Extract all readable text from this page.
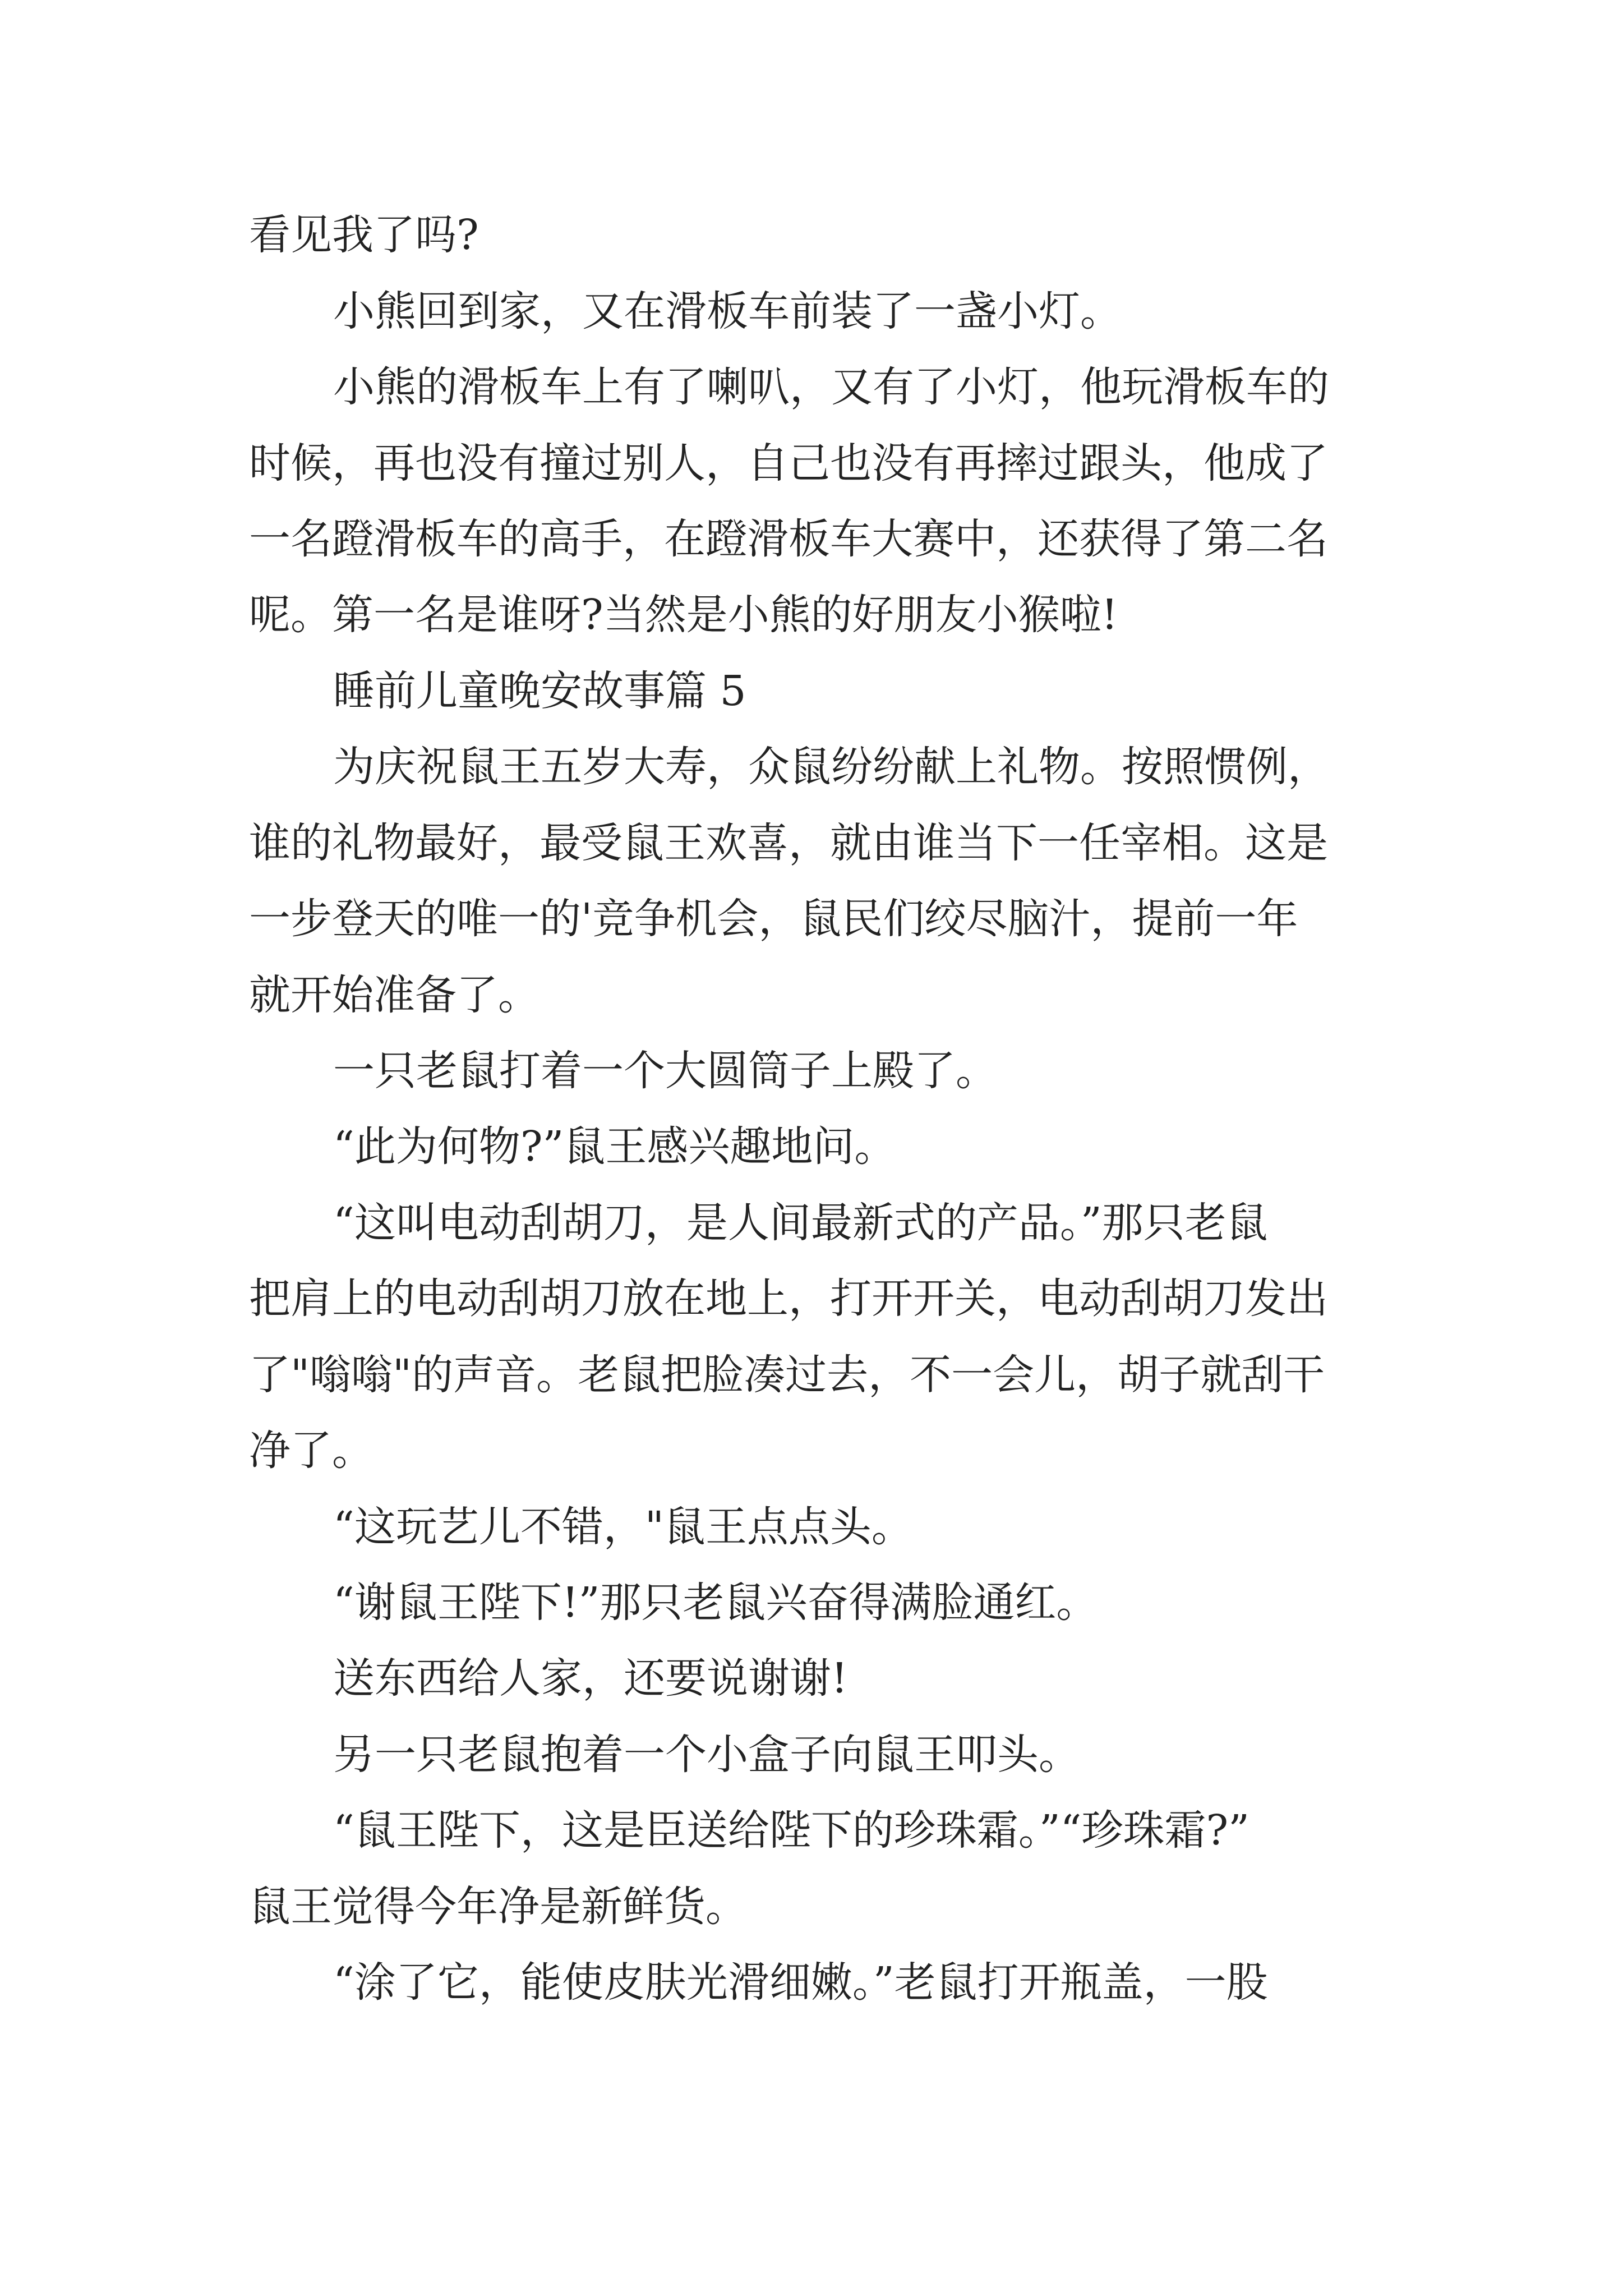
看见我了吗?
小熊回到家，又在滑板车前装了一盏小灯。
小熊的滑板车上有了喇叭，又有了小灯，他玩滑板车的
时候，再也没有撞过别人，自己也没有再摔过跟头，他成了
一名蹬滑板车的高手，在蹬滑板车大赛中，还获得了第二名
呢。第一名是谁呀?当然是小熊的好朋友小猴啦!
睡前儿童晚安故事篇 5
为庆祝鼠王五岁大寿，众鼠纷纷献上礼物。按照惯例，
谁的礼物最好，最受鼠王欢喜，就由谁当下一任宰相。这是
一步登天的唯一的'竞争机会，鼠民们绞尽脑汁，提前一年
就开始准备了。
一只老鼠打着一个大圆筒子上殿了。
“此为何物?”鼠王感兴趣地问。
“这叫电动刮胡刀，是人间最新式的产品。”那只老鼠
把肩上的电动刮胡刀放在地上，打开开关，电动刮胡刀发出
了"嗡嗡"的声音。老鼠把脸凑过去，不一会儿，胡子就刮干
净了。
“这玩艺儿不错，"鼠王点点头。
“谢鼠王陛下!”那只老鼠兴奋得满脸通红。
送东西给人家，还要说谢谢!
另一只老鼠抱着一个小盒子向鼠王叩头。
“鼠王陛下，这是臣送给陛下的珍珠霜。”“珍珠霜?”
鼠王觉得今年净是新鲜货。
“涂了它，能使皮肤光滑细嫩。”老鼠打开瓶盖，一股
